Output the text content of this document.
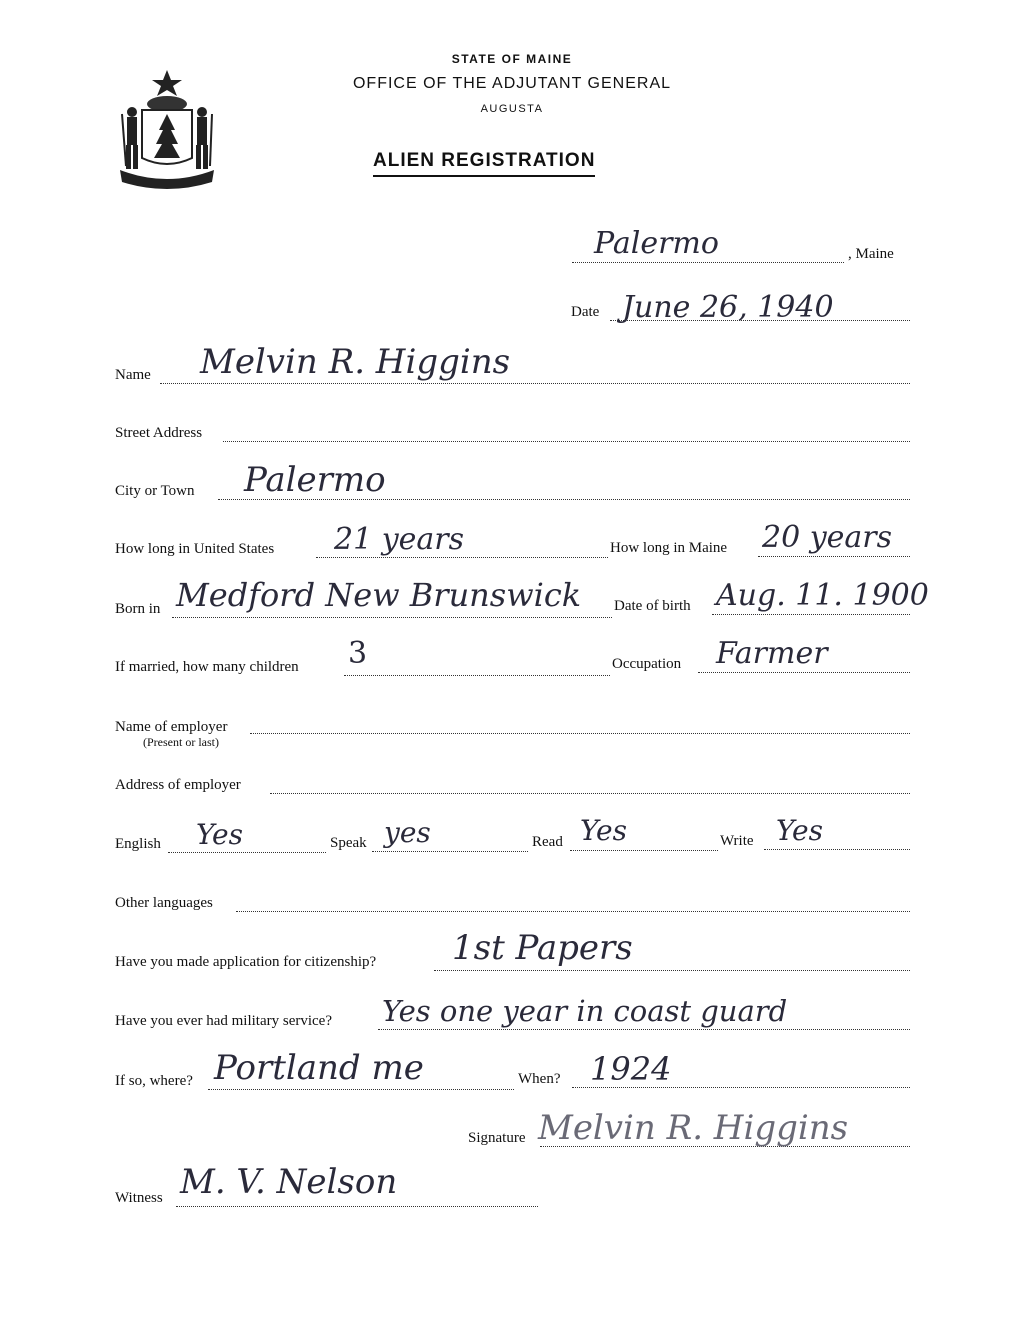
MAINE
STATE OF MAINE
OFFICE OF THE ADJUTANT GENERAL
AUGUSTA
ALIEN REGISTRATION
Palermo	, Maine
Date June 26, 1940
Name Melvin R. Higgins
Street Address
City or Town Palermo
How long in United States 21 years	How long in Maine 20 years
Born in Medford New Brunswick Date of birth Aug. 11. 1900
If married, how many children 3	Occupation Farmer
Name of employer
(Present or last)
Address of employer
English Yes	Speak yes	Read Yes	Write Yes
Other languages
Have you made application for citizenship? 1st Papers
Have you ever had military service? Yes one year in coast guard
If so, where? Portland me	When? 1924
Signature Melvin R. Higgins
Witness M. V. Nelson
